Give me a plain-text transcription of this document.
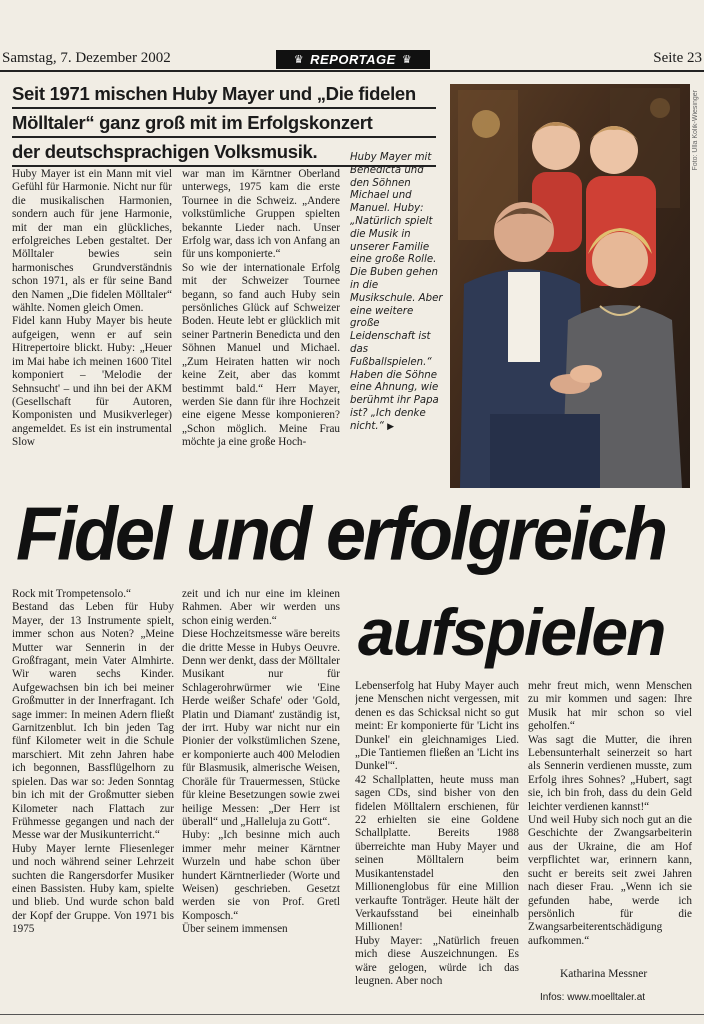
Samstag, 7. Dezember 2002	♛ REPORTAGE ♛	Seite 23
Seit 1971 mischen Huby Mayer und „Die fidelen
Mölltaler“ ganz groß mit im Erfolgskonzert
der deutschsprachigen Volksmusik.
Huby Mayer ist ein Mann mit viel Gefühl für Harmonie. Nicht nur für die musikalischen Harmonien, sondern auch für jene Harmonie, mit der man ein glückliches, erfolgreiches Leben gestaltet. Der Mölltaler bewies sein harmonisches Grundverständnis schon 1971, als er für seine Band den Namen „Die fidelen Mölltaler“ wählte. Nomen gleich Omen.
Fidel kann Huby Mayer bis heute aufgeigen, wenn er auf sein Hitrepertoire blickt. Huby: „Heuer im Mai habe ich meinen 1600 Titel komponiert – 'Melodie der Sehnsucht' – und ihn bei der AKM (Gesellschaft für Autoren, Komponisten und Musikverleger) angemeldet. Es ist ein instrumental Slow
war man im Kärntner Oberland unterwegs, 1975 kam die erste Tournee in die Schweiz. „Andere volkstümliche Gruppen spielten bekannte Lieder nach. Unser Erfolg war, dass ich von Anfang an für uns komponierte.“
So wie der internationale Erfolg mit der Schweizer Tournee begann, so fand auch Huby sein persönliches Glück auf Schweizer Boden. Heute lebt er glücklich mit seiner Partnerin Benedicta und den Söhnen Manuel und Michael. „Zum Heiraten hatten wir noch keine Zeit, aber das kommt bestimmt bald.“ Herr Mayer, werden Sie dann für ihre Hochzeit eine eigene Messe komponieren? „Schon möglich. Meine Frau möchte ja eine große Hoch-
Huby Mayer mit Benedicta und den Söhnen Michael und Manuel. Huby: „Natürlich spielt die Musik in unserer Familie eine große Rolle. Die Buben gehen in die Musikschule. Aber eine weitere große Leidenschaft ist das Fußballspielen.“ Haben die Söhne eine Ahnung, wie berühmt ihr Papa ist? „Ich denke nicht.“ ▶
Foto: Ulla Kolik-Wiesinger
Fidel und erfolgreich
aufspielen
Rock mit Trompetensolo.“
Bestand das Leben für Huby Mayer, der 13 Instrumente spielt, immer schon aus Noten? „Meine Mutter war Sennerin in der Großfragant, mein Vater Almhirte. Wir waren sechs Kinder. Aufgewachsen bin ich bei meiner Großmutter in der Innerfragant. Ich sage immer: In meinen Adern fließt Garnitzenblut. Ich bin jeden Tag fünf Kilometer weit in die Schule marschiert. Mit zehn Jahren habe ich begonnen, Bassflügelhorn zu spielen. Das war so: Jeden Sonntag bin ich mit der Großmutter sieben Kilometer nach Flattach zur Frühmesse gegangen und nach der Messe war der Musikunterricht.“
Huby Mayer lernte Fliesenleger und noch während seiner Lehrzeit suchten die Rangersdorfer Musiker einen Bassisten. Huby kam, spielte und blieb. Und wurde schon bald der Kopf der Gruppe. Von 1971 bis 1975
zeit und ich nur eine im kleinen Rahmen. Aber wir werden uns schon einig werden.“
Diese Hochzeitsmesse wäre bereits die dritte Messe in Hubys Oeuvre. Denn wer denkt, dass der Mölltaler Musikant nur für Schlagerohrwürmer wie 'Eine Herde weißer Schafe' oder 'Gold, Platin und Diamant' zuständig ist, der irrt. Huby war nicht nur ein Pionier der volkstümlichen Szene, er komponierte auch 400 Melodien für Blasmusik, almerische Weisen, Choräle für Trauermessen, Stücke für kleine Besetzungen sowie zwei heilige Messen: „Der Herr ist überall“ und „Halleluja zu Gott“.
Huby: „Ich besinne mich auch immer mehr meiner Kärntner Wurzeln und habe schon über hundert Kärntnerlieder (Worte und Weisen) geschrieben. Gesetzt werden sie von Prof. Gretl Komposch.“
Über seinem immensen
Lebenserfolg hat Huby Mayer auch jene Menschen nicht vergessen, mit denen es das Schicksal nicht so gut meint: Er komponierte für 'Licht ins Dunkel' ein gleichnamiges Lied. „Die Tantiemen fließen an 'Licht ins Dunkel'“.
42 Schallplatten, heute muss man sagen CDs, sind bisher von den fidelen Mölltalern erschienen, für 22 erhielten sie eine Goldene Schallplatte. Bereits 1988 überreichte man Huby Mayer und seinen Mölltalern beim Musikantenstadel den Millionenglobus für eine Million verkaufte Tonträger. Heute hält der Verkaufsstand bei eineinhalb Millionen!
Huby Mayer: „Natürlich freuen mich diese Auszeichnungen. Es wäre gelogen, würde ich das leugnen. Aber noch
mehr freut mich, wenn Menschen zu mir kommen und sagen: Ihre Musik hat mir schon so viel geholfen.“
Was sagt die Mutter, die ihren Lebensunterhalt seinerzeit so hart als Sennerin verdienen musste, zum Erfolg ihres Sohnes? „Hubert, sagt sie, ich bin froh, dass du dein Geld leichter verdienen kannst!“
Und weil Huby sich noch gut an die Geschichte der Zwangsarbeiterin aus der Ukraine, die am Hof verpflichtet war, erinnern kann, sucht er bereits seit zwei Jahren nach dieser Frau. „Wenn ich sie gefunden habe, werde ich persönlich für die Zwangsarbeiterentschädigung aufkommen.“
Katharina Messner
Infos: www.moelltaler.at
